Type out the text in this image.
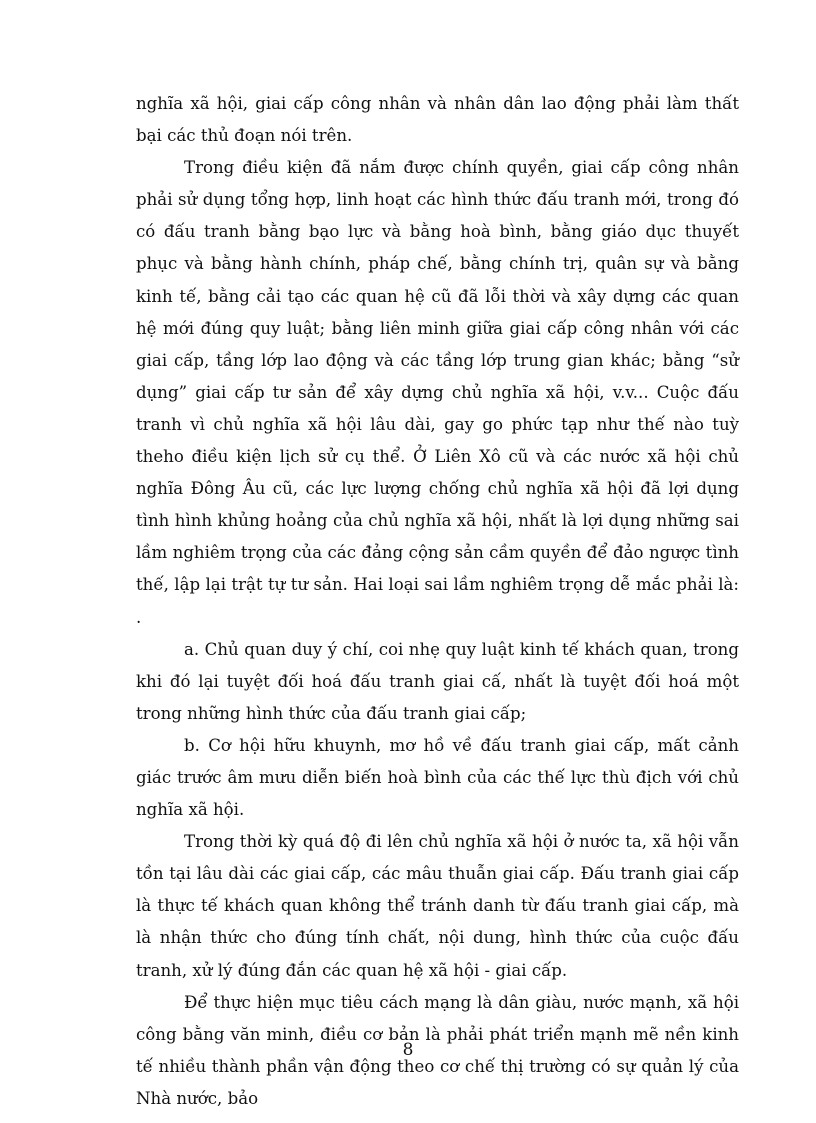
nghĩa xã hội, giai cấp công nhân và nhân dân lao động phải làm thất bại các thủ đoạn nói trên.

Trong điều kiện đã nắm được chính quyền, giai cấp công nhân phải sử dụng tổng hợp, linh hoạt các hình thức đấu tranh mới, trong đó có đấu tranh bằng bạo lực và bằng hoà bình, bằng giáo dục thuyết phục và bằng hành chính, pháp chế, bằng chính trị, quân sự và bằng kinh tế, bằng cải tạo các quan hệ cũ đã lỗi thời và xây dựng các quan hệ mới đúng quy luật; bằng liên minh giữa giai cấp công nhân với các giai cấp, tầng lớp lao động và các tầng lớp trung gian khác; bằng “sử dụng” giai cấp tư sản để xây dựng chủ nghĩa xã hội, v.v... Cuộc đấu tranh vì chủ nghĩa xã hội lâu dài, gay go phức tạp như thế nào tuỳ theho điều kiện lịch sử cụ thể. Ở Liên Xô cũ và các nước xã hội chủ nghĩa Đông Âu cũ, các lực lượng chống chủ nghĩa xã hội đã lợi dụng tình hình khủng hoảng của chủ nghĩa xã hội, nhất là lợi dụng những sai lầm nghiêm trọng của các đảng cộng sản cầm quyền để đảo ngược tình thế, lập lại trật tự tư sản. Hai loại sai lầm nghiêm trọng dễ mắc phải là: .

a. Chủ quan duy ý chí, coi nhẹ quy luật kinh tế khách quan, trong khi đó lại tuyệt đối hoá đấu tranh giai cấ, nhất là tuyệt đối hoá một trong những hình thức của đấu tranh giai cấp;

b. Cơ hội hữu khuynh, mơ hồ về đấu tranh giai cấp, mất cảnh giác trước âm mưu diễn biến hoà bình của các thế lực thù địch với chủ nghĩa xã hội.

Trong thời kỳ quá độ đi lên chủ nghĩa xã hội ở nước ta, xã hội vẫn tồn tại lâu dài các giai cấp, các mâu thuẫn giai cấp. Đấu tranh giai cấp là thực tế khách quan không thể tránh danh từ đấu tranh giai cấp, mà là nhận thức cho đúng tính chất, nội dung, hình thức của cuộc đấu tranh, xử lý đúng đắn các quan hệ xã hội - giai cấp.

Để thực hiện mục tiêu cách mạng là dân giàu, nước mạnh, xã hội công bằng văn minh, điều cơ bản là phải phát triển mạnh mẽ nền kinh tế nhiều thành phần vận động theo cơ chế thị trường có sự quản lý của Nhà nước, bảo

8
